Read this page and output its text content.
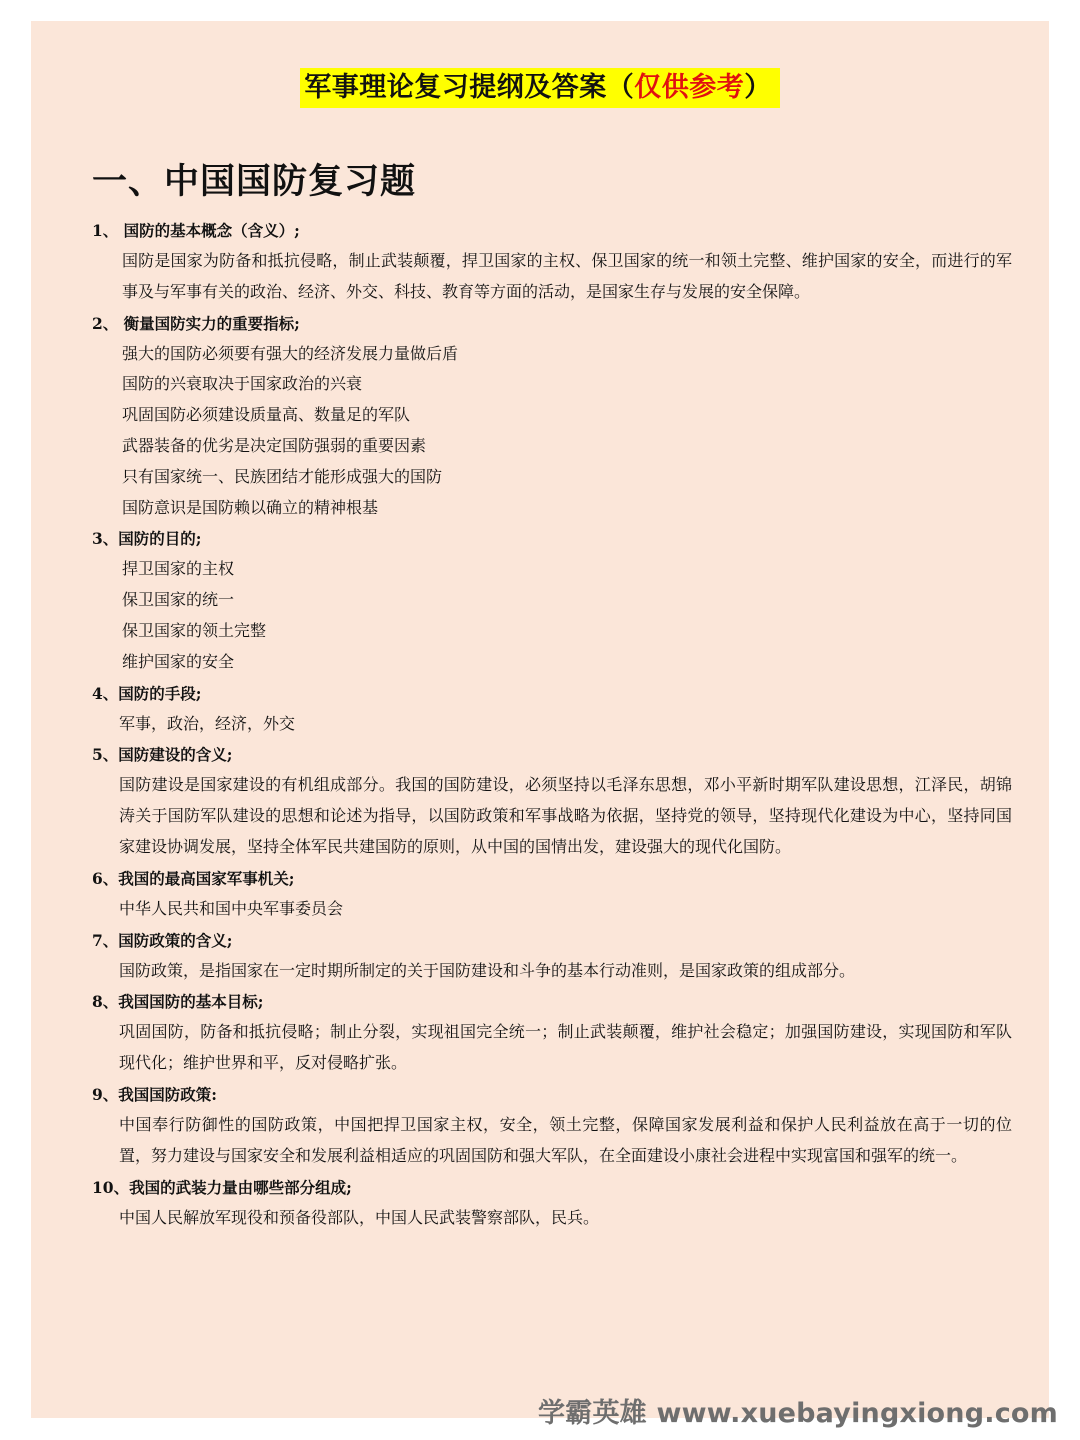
军事理论复习提纲及答案（仅供参考）
一、中国国防复习题
1、 国防的基本概念（含义）;
国防是国家为防备和抵抗侵略，制止武装颠覆，捍卫国家的主权、保卫国家的统一和领土完整、维护国家的安全，而进行的军事及与军事有关的政治、经济、外交、科技、教育等方面的活动，是国家生存与发展的安全保障。
2、 衡量国防实力的重要指标;
强大的国防必须要有强大的经济发展力量做后盾
国防的兴衰取决于国家政治的兴衰
巩固国防必须建设质量高、数量足的军队
武器装备的优劣是决定国防强弱的重要因素
只有国家统一、民族团结才能形成强大的国防
国防意识是国防赖以确立的精神根基
3、国防的目的;
捍卫国家的主权
保卫国家的统一
保卫国家的领土完整
维护国家的安全
4、国防的手段;
军事，政治，经济，外交
5、国防建设的含义;
国防建设是国家建设的有机组成部分。我国的国防建设，必须坚持以毛泽东思想，邓小平新时期军队建设思想，江泽民，胡锦涛关于国防军队建设的思想和论述为指导，以国防政策和军事战略为依据，坚持党的领导，坚持现代化建设为中心，坚持同国家建设协调发展，坚持全体军民共建国防的原则，从中国的国情出发，建设强大的现代化国防。
6、我国的最高国家军事机关;
中华人民共和国中央军事委员会
7、国防政策的含义;
国防政策，是指国家在一定时期所制定的关于国防建设和斗争的基本行动准则，是国家政策的组成部分。
8、我国国防的基本目标;
巩固国防，防备和抵抗侵略；制止分裂，实现祖国完全统一；制止武装颠覆，维护社会稳定；加强国防建设，实现国防和军队现代化；维护世界和平，反对侵略扩张。
9、我国国防政策:
中国奉行防御性的国防政策，中国把捍卫国家主权，安全，领土完整，保障国家发展利益和保护人民利益放在高于一切的位置，努力建设与国家安全和发展利益相适应的巩固国防和强大军队，在全面建设小康社会进程中实现富国和强军的统一。
10、我国的武装力量由哪些部分组成;
中国人民解放军现役和预备役部队，中国人民武装警察部队，民兵。
学霸英雄 www.xuebayingxiong.com
